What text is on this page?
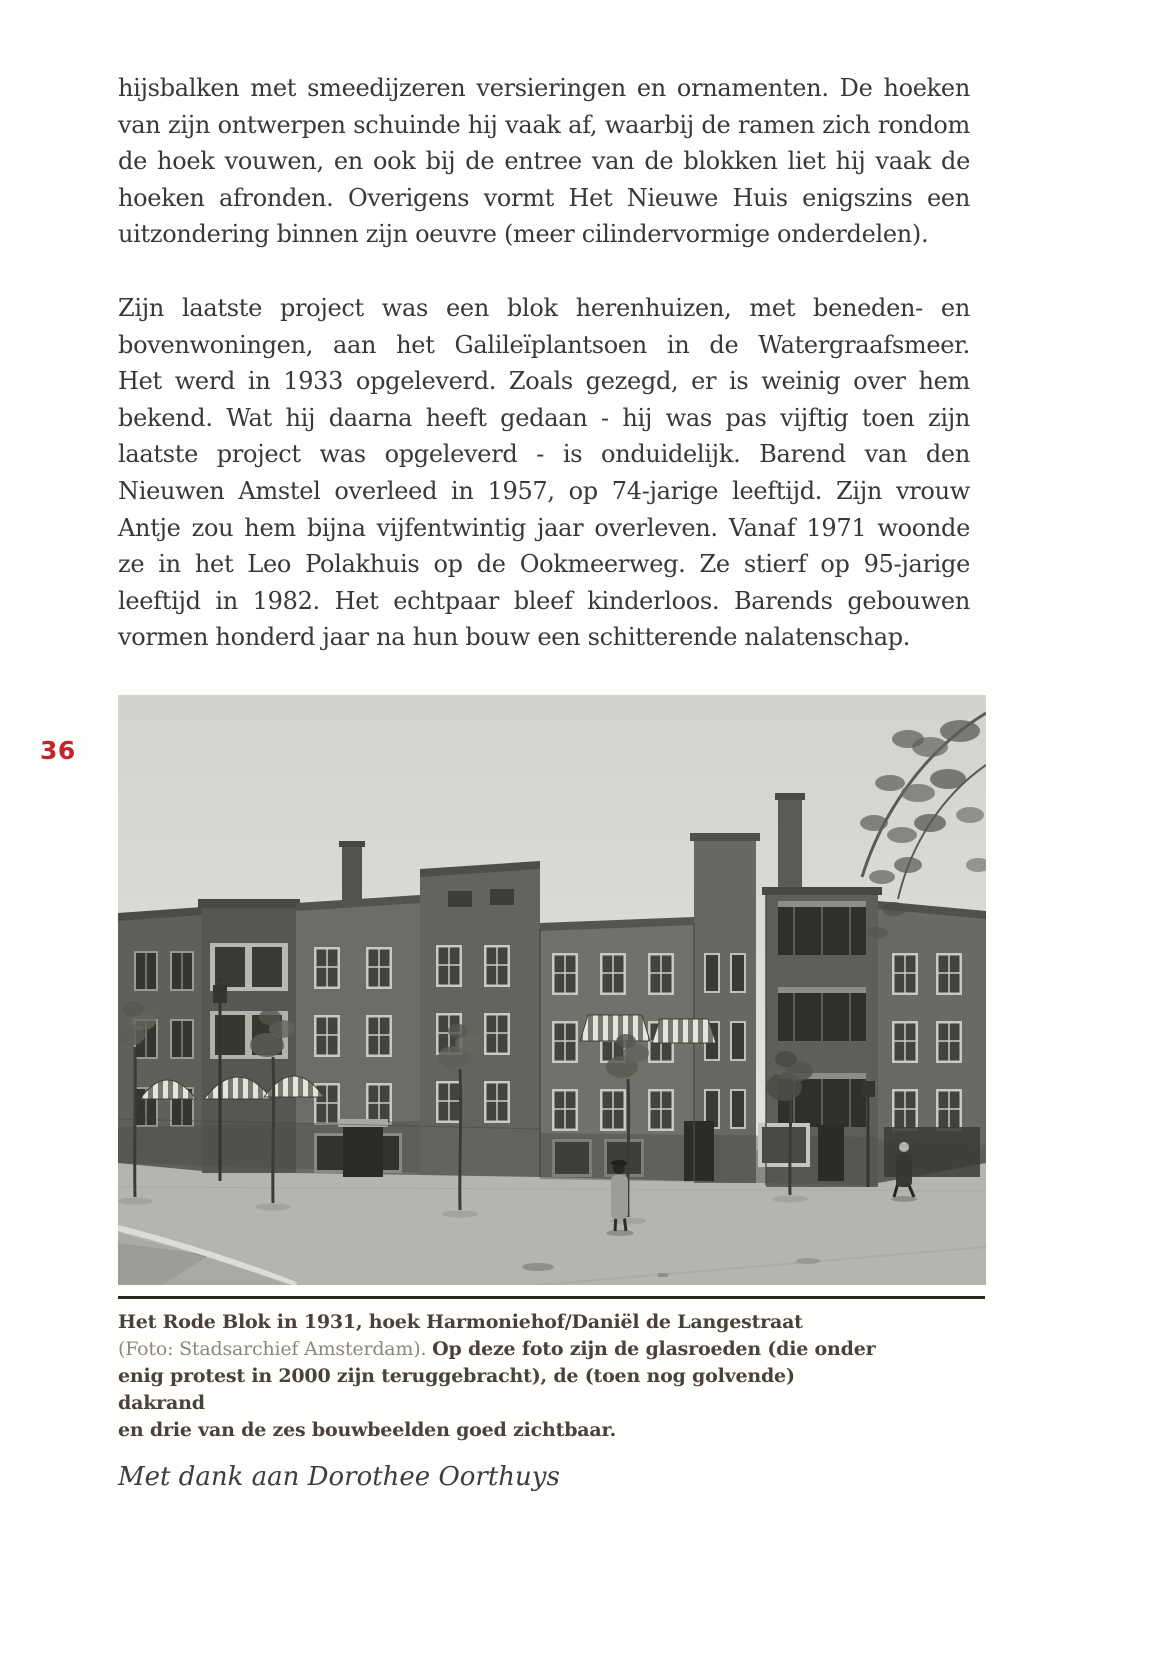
36
hijsbalken met smeedijzeren versieringen en ornamenten. De hoeken
van zijn ontwerpen schuinde hij vaak af, waarbij de ramen zich rondom
de hoek vouwen, en ook bij de entree van de blokken liet hij vaak de
hoeken afronden. Overigens vormt Het Nieuwe Huis enigszins een
uitzondering binnen zijn oeuvre (meer cilindervormige onderdelen).
Zijn laatste project was een blok herenhuizen, met beneden- en
bovenwoningen, aan het Galileïplantsoen in de Watergraafsmeer.
Het werd in 1933 opgeleverd. Zoals gezegd, er is weinig over hem
bekend. Wat hij daarna heeft gedaan - hij was pas vijftig toen zijn
laatste project was opgeleverd - is onduidelijk. Barend van den
Nieuwen Amstel overleed in 1957, op 74-jarige leeftijd. Zijn vrouw
Antje zou hem bijna vijfentwintig jaar overleven. Vanaf 1971 woonde
ze in het Leo Polakhuis op de Ookmeerweg. Ze stierf op 95-jarige
leeftijd in 1982. Het echtpaar bleef kinderloos. Barends gebouwen
vormen honderd jaar na hun bouw een schitterende nalatenschap.
Het Rode Blok in 1931, hoek Harmoniehof/Daniël de Langestraat
(Foto: Stadsarchief Amsterdam). Op deze foto zijn de glasroeden (die onder
enig protest in 2000 zijn teruggebracht), de (toen nog golvende) dakrand
en drie van de zes bouwbeelden goed zichtbaar.
Met dank aan Dorothee Oorthuys
